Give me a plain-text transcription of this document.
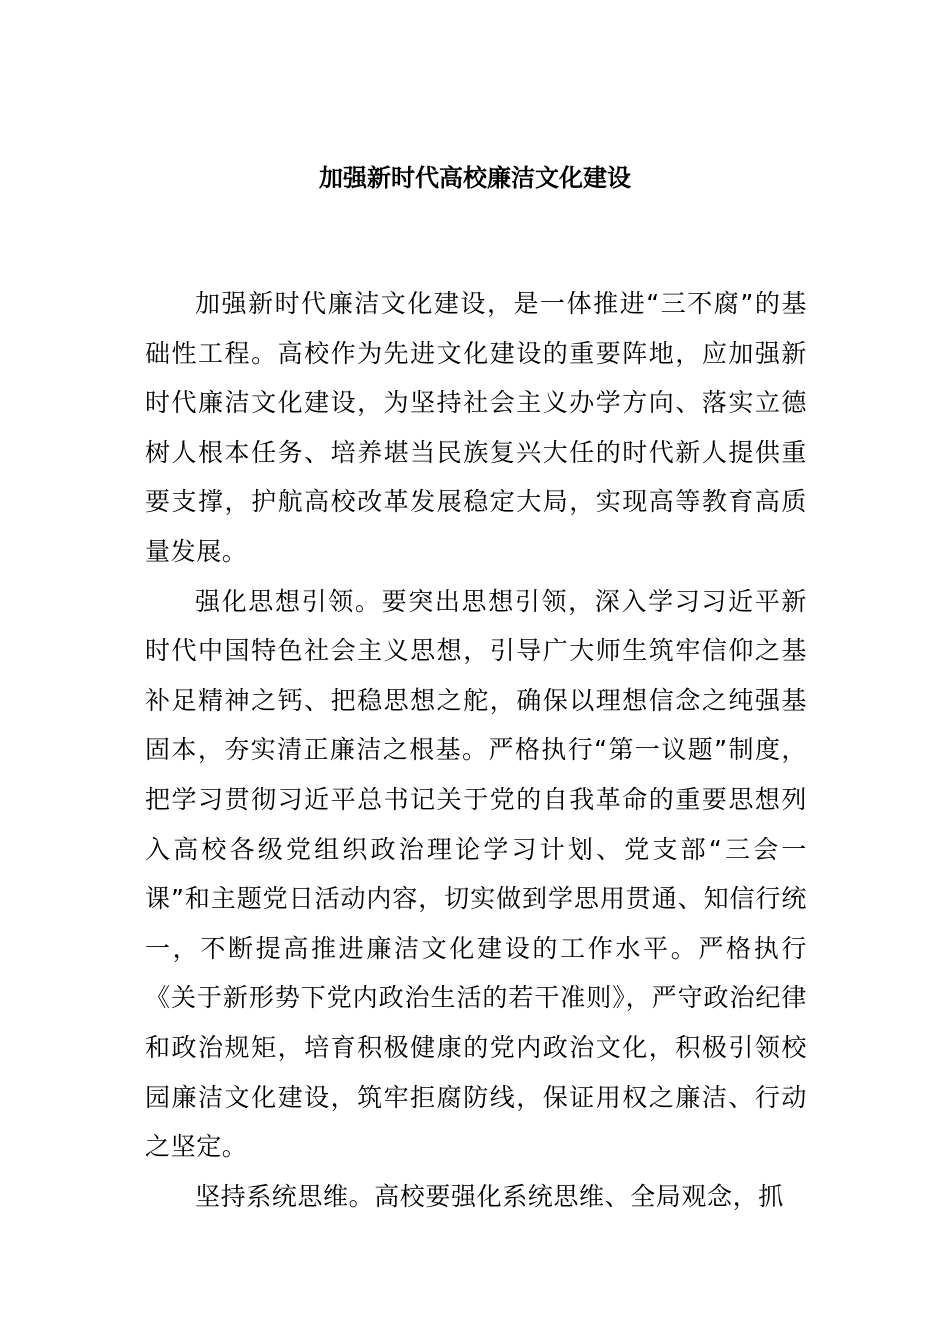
加强新时代高校廉洁文化建设

加强新时代廉洁文化建设，是一体推进“三不腐”的基础性工程。高校作为先进文化建设的重要阵地，应加强新时代廉洁文化建设，为坚持社会主义办学方向、落实立德树人根本任务、培养堪当民族复兴大任的时代新人提供重要支撑，护航高校改革发展稳定大局，实现高等教育高质量发展。

强化思想引领。要突出思想引领，深入学习习近平新时代中国特色社会主义思想，引导广大师生筑牢信仰之基补足精神之钙、把稳思想之舵，确保以理想信念之纯强基固本，夯实清正廉洁之根基。严格执行“第一议题”制度，把学习贯彻习近平总书记关于党的自我革命的重要思想列入高校各级党组织政治理论学习计划、党支部“三会一课”和主题党日活动内容，切实做到学思用贯通、知信行统一，不断提高推进廉洁文化建设的工作水平。严格执行《关于新形势下党内政治生活的若干准则》，严守政治纪律和政治规矩，培育积极健康的党内政治文化，积极引领校园廉洁文化建设，筑牢拒腐防线，保证用权之廉洁、行动之坚定。

坚持系统思维。高校要强化系统思维、全局观念，抓
